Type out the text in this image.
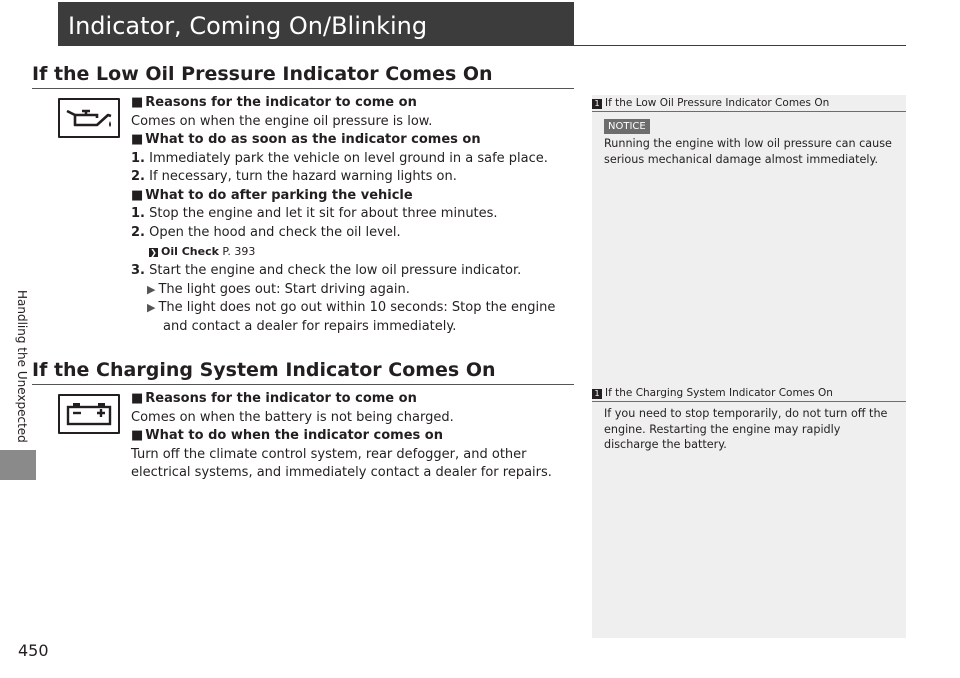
Indicator, Coming On/Blinking
Handling the Unexpected
450
If the Low Oil Pressure Indicator Comes On

■ Reasons for the indicator to come on

Comes on when the engine oil pressure is low.

■ What to do as soon as the indicator comes on

1. Immediately park the vehicle on level ground in a safe place.

2. If necessary, turn the hazard warning lights on.

■ What to do after parking the vehicle

1. Stop the engine and let it sit for about three minutes.

2. Open the hood and check the oil level.

❯ Oil Check P. 393

3. Start the engine and check the low oil pressure indicator.

▶ The light goes out: Start driving again.

▶ The light does not go out within 10 seconds: Stop the engine and contact a dealer for repairs immediately.

If the Charging System Indicator Comes On

■ Reasons for the indicator to come on

Comes on when the battery is not being charged.

■ What to do when the indicator comes on

Turn off the climate control system, rear defogger, and other electrical systems, and immediately contact a dealer for repairs.

1 If the Low Oil Pressure Indicator Comes On
NOTICE

Running the engine with low oil pressure can cause serious mechanical damage almost immediately.

1 If the Charging System Indicator Comes On

If you need to stop temporarily, do not turn off the engine. Restarting the engine may rapidly discharge the battery.
